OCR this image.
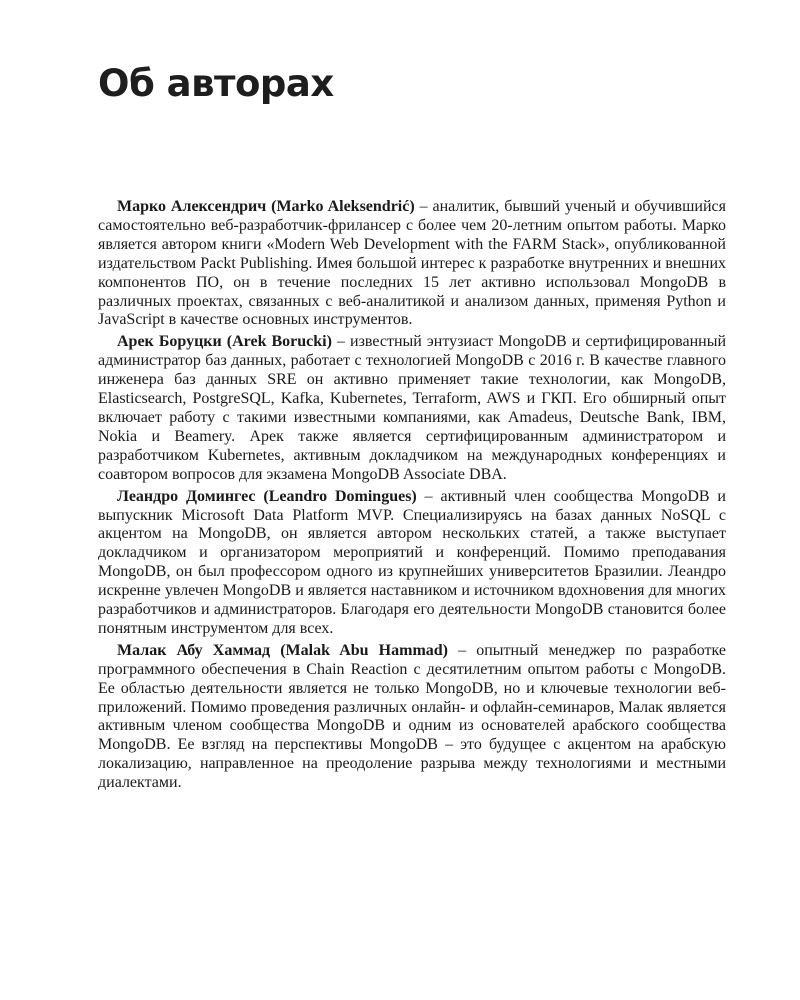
Об авторах

Марко Алексендрич (Marko Aleksendrić) – аналитик, бывший ученый и обучившийся самостоятельно веб-разработчик-фрилансер с более чем 20-летним опытом работы. Марко является автором книги «Modern Web Development with the FARM Stack», опубликованной издательством Packt Publishing. Имея большой интерес к разработке внутренних и внешних компонентов ПО, он в течение последних 15 лет активно использовал MongoDB в различных проектах, связанных с веб-аналитикой и анализом данных, применяя Python и JavaScript в качестве основных инструментов.

Арек Боруцки (Arek Borucki) – известный энтузиаст MongoDB и сертифицированный администратор баз данных, работает с технологией MongoDB с 2016 г. В качестве главного инженера баз данных SRE он активно применяет такие технологии, как MongoDB, Elasticsearch, PostgreSQL, Kafka, Kubernetes, Terraform, AWS и ГКП. Его обширный опыт включает работу с такими известными компаниями, как Amadeus, Deutsche Bank, IBM, Nokia и Beamery. Арек также является сертифицированным администратором и разработчиком Kubernetes, активным докладчиком на международных конференциях и соавтором вопросов для экзамена MongoDB Associate DBA.

Леандро Домингес (Leandro Domingues) – активный член сообщества MongoDB и выпускник Microsoft Data Platform MVP. Специализируясь на базах данных NoSQL с акцентом на MongoDB, он является автором нескольких статей, а также выступает докладчиком и организатором мероприятий и конференций. Помимо преподавания MongoDB, он был профессором одного из крупнейших университетов Бразилии. Леандро искренне увлечен MongoDB и является наставником и источником вдохновения для многих разработчиков и администраторов. Благодаря его деятельности MongoDB становится более понятным инструментом для всех.

Малак Абу Хаммад (Malak Abu Hammad) – опытный менеджер по разработке программного обеспечения в Chain Reaction с десятилетним опытом работы с MongoDB. Ее областью деятельности является не только MongoDB, но и ключевые технологии веб-приложений. Помимо проведения различных онлайн- и офлайн-семинаров, Малак является активным членом сообщества MongoDB и одним из основателей арабского сообщества MongoDB. Ее взгляд на перспективы MongoDB – это будущее с акцентом на арабскую локализацию, направленное на преодоление разрыва между технологиями и местными диалектами.
